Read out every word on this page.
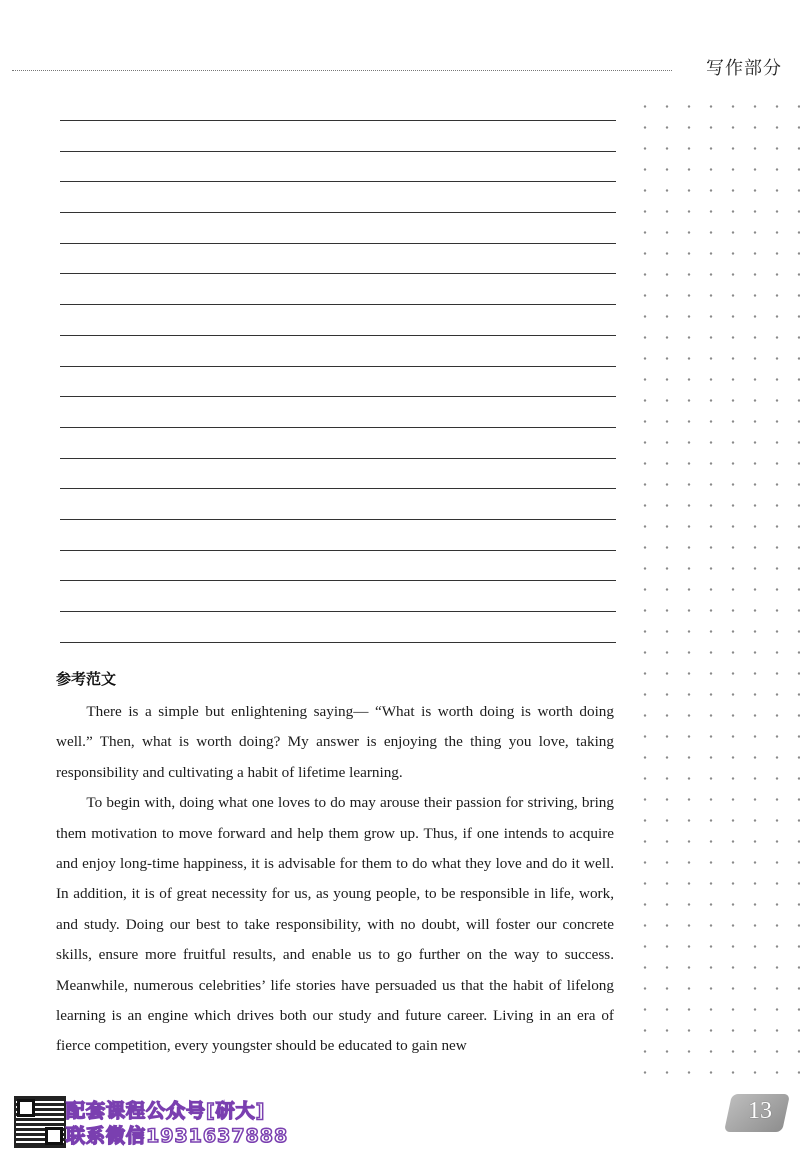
写作部分
参考范文

There is a simple but enlightening saying— “What is worth doing is worth doing well.” Then, what is worth doing? My answer is enjoying the thing you love, taking responsibility and cultivating a habit of lifetime learning.

To begin with, doing what one loves to do may arouse their passion for striving, bring them motivation to move forward and help them grow up. Thus, if one intends to acquire and enjoy long-time happiness, it is advisable for them to do what they love and do it well. In addition, it is of great necessity for us, as young people, to be responsible in life, work, and study. Doing our best to take responsibility, with no doubt, will foster our concrete skills, ensure more fruitful results, and enable us to go further on the way to success. Meanwhile, numerous celebrities’ life stories have persuaded us that the habit of lifelong learning is an engine which drives both our study and future career. Living in an era of fierce competition, every youngster should be educated to gain new

配套课程公众号[研大]
联系微信1931637888
13
